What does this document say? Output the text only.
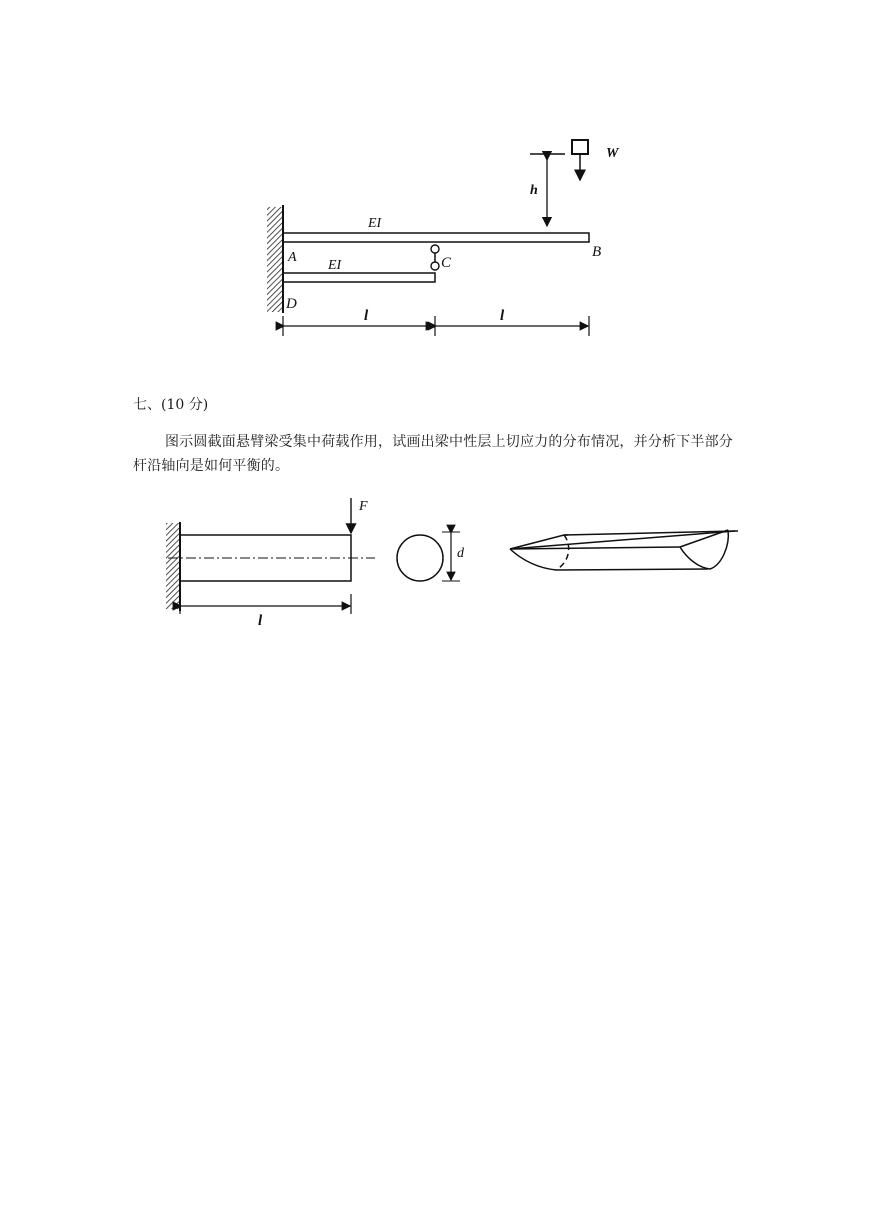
W
h
EI
B
A
EI	C
D
l	l
七、(10 分)
图示圆截面悬臂梁受集中荷载作用，试画出梁中性层上切应力的分布情况，并分析下半部分杆沿轴向是如何平衡的。
F
l
d
